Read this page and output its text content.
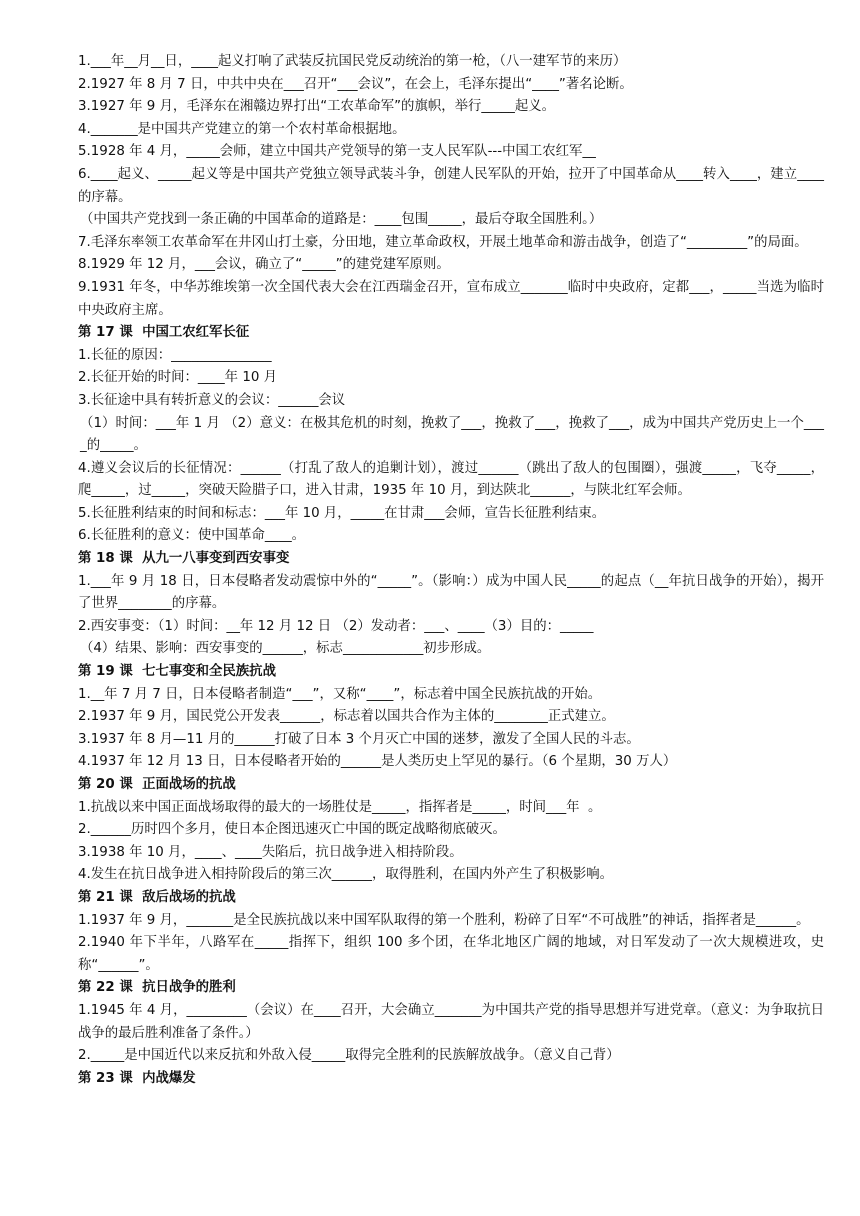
1.___年__月__日，____起义打响了武装反抗国民党反动统治的第一枪，（八一建军节的来历）
2.1927 年 8 月 7 日，中共中央在___召开“___会议”，在会上，毛泽东提出“____”著名论断。
3.1927 年 9 月，毛泽东在湘赣边界打出“工农革命军”的旗帜，举行_____起义。
4._______是中国共产党建立的第一个农村革命根据地。
5.1928 年 4 月，_____会师，建立中国共产党领导的第一支人民军队---中国工农红军__
6.____起义、_____起义等是中国共产党独立领导武装斗争，创建人民军队的开始，拉开了中国革命从____转入____，建立____的序幕。
（中国共产党找到一条正确的中国革命的道路是：____包围_____，最后夺取全国胜利。）
7.毛泽东率领工农革命军在井冈山打土豪，分田地，建立革命政权，开展土地革命和游击战争，创造了“_________”的局面。
8.1929 年 12 月，___会议，确立了“_____”的建党建军原则。
9.1931 年冬，中华苏维埃第一次全国代表大会在江西瑞金召开，宣布成立_______临时中央政府，定都___，_____当选为临时中央政府主席。
第 17 课  中国工农红军长征
1.长征的原因：_______________
2.长征开始的时间：____年 10 月
3.长征途中具有转折意义的会议：______会议
（1）时间：___年 1 月 （2）意义：在极其危机的时刻，挽救了___，挽救了___，挽救了___，成为中国共产党历史上一个____的_____。
4.遵义会议后的长征情况：______（打乱了敌人的追剿计划），渡过______（跳出了敌人的包围圈），强渡_____，飞夺_____，爬_____，过_____，突破天险腊子口，进入甘肃，1935 年 10 月，到达陕北______，与陕北红军会师。
5.长征胜利结束的时间和标志：___年 10 月，_____在甘肃___会师，宣告长征胜利结束。
6.长征胜利的意义：使中国革命____。
第 18 课  从九一八事变到西安事变
1.___年 9 月 18 日，日本侵略者发动震惊中外的“_____”。（影响：）成为中国人民_____的起点（__年抗日战争的开始），揭开了世界________的序幕。
2.西安事变：（1）时间：__年 12 月 12 日 （2）发动者：___、____（3）目的：_____
（4）结果、影响：西安事变的______，标志____________初步形成。
第 19 课  七七事变和全民族抗战
1.__年 7 月 7 日，日本侵略者制造“___”，又称“____”，标志着中国全民族抗战的开始。
2.1937 年 9 月，国民党公开发表______，标志着以国共合作为主体的________正式建立。
3.1937 年 8 月—11 月的______打破了日本 3 个月灭亡中国的迷梦，激发了全国人民的斗志。
4.1937 年 12 月 13 日，日本侵略者开始的______是人类历史上罕见的暴行。（6 个星期，30 万人）
第 20 课  正面战场的抗战
1.抗战以来中国正面战场取得的最大的一场胜仗是_____，指挥者是_____，时间___年  。
2.______历时四个多月，使日本企图迅速灭亡中国的既定战略彻底破灭。
3.1938 年 10 月，____、____失陷后，抗日战争进入相持阶段。
4.发生在抗日战争进入相持阶段后的第三次______，取得胜利，在国内外产生了积极影响。
第 21 课  敌后战场的抗战
1.1937 年 9 月，_______是全民族抗战以来中国军队取得的第一个胜利，粉碎了日军“不可战胜”的神话，指挥者是______。
2.1940 年下半年，八路军在_____指挥下，组织 100 多个团，在华北地区广阔的地域，对日军发动了一次大规模进攻，史称“______”。
第 22 课  抗日战争的胜利
1.1945 年 4 月，_________（会议）在____召开，大会确立_______为中国共产党的指导思想并写进党章。（意义：为争取抗日战争的最后胜利准备了条件。）
2._____是中国近代以来反抗和外敌入侵_____取得完全胜利的民族解放战争。（意义自己背）
第 23 课  内战爆发
